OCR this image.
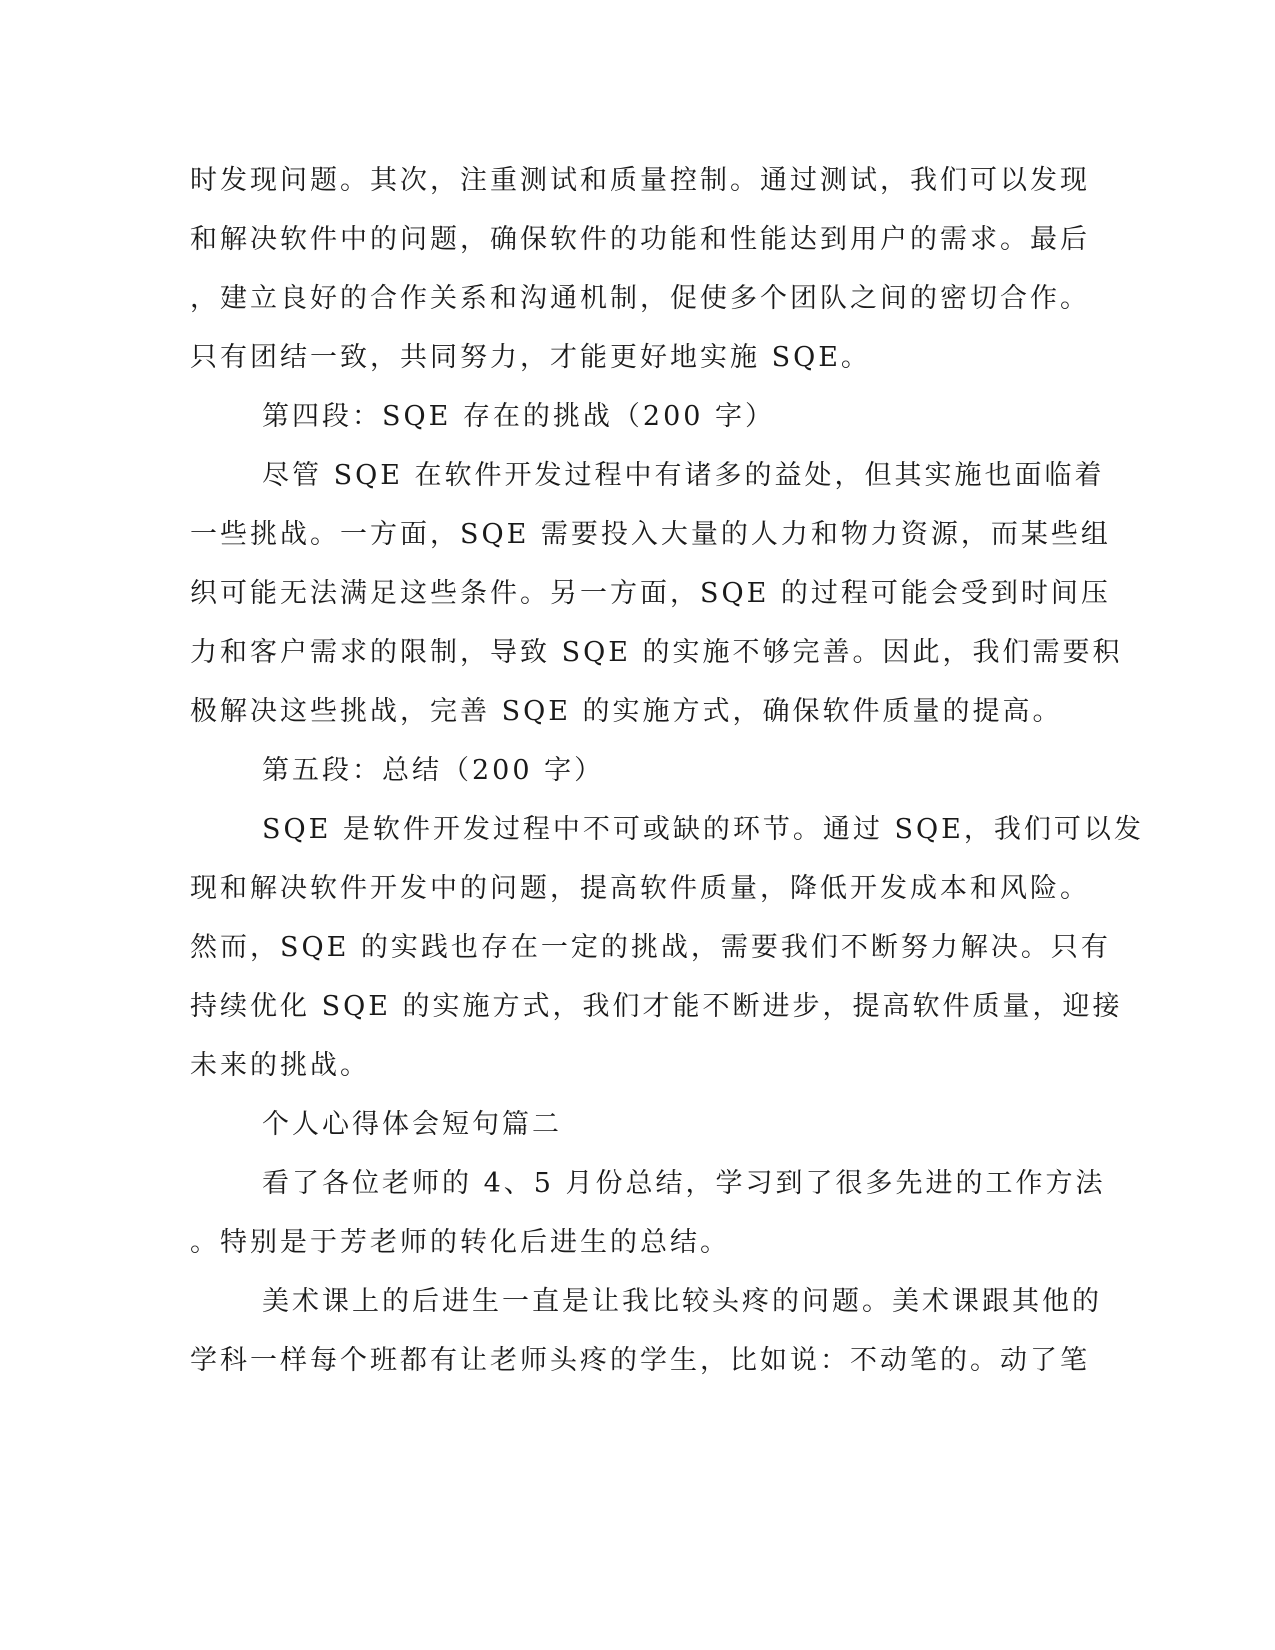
时发现问题。其次，注重测试和质量控制。通过测试，我们可以发现
和解决软件中的问题，确保软件的功能和性能达到用户的需求。最后
，建立良好的合作关系和沟通机制，促使多个团队之间的密切合作。
只有团结一致，共同努力，才能更好地实施 SQE。
第四段：SQE 存在的挑战（200 字）
尽管 SQE 在软件开发过程中有诸多的益处，但其实施也面临着
一些挑战。一方面，SQE 需要投入大量的人力和物力资源，而某些组
织可能无法满足这些条件。另一方面，SQE 的过程可能会受到时间压
力和客户需求的限制，导致 SQE 的实施不够完善。因此，我们需要积
极解决这些挑战，完善 SQE 的实施方式，确保软件质量的提高。
第五段：总结（200 字）
SQE 是软件开发过程中不可或缺的环节。通过 SQE，我们可以发
现和解决软件开发中的问题，提高软件质量，降低开发成本和风险。
然而，SQE 的实践也存在一定的挑战，需要我们不断努力解决。只有
持续优化 SQE 的实施方式，我们才能不断进步，提高软件质量，迎接
未来的挑战。
个人心得体会短句篇二
看了各位老师的 4、5 月份总结，学习到了很多先进的工作方法
。特别是于芳老师的转化后进生的总结。
美术课上的后进生一直是让我比较头疼的问题。美术课跟其他的
学科一样每个班都有让老师头疼的学生，比如说：不动笔的。动了笔
